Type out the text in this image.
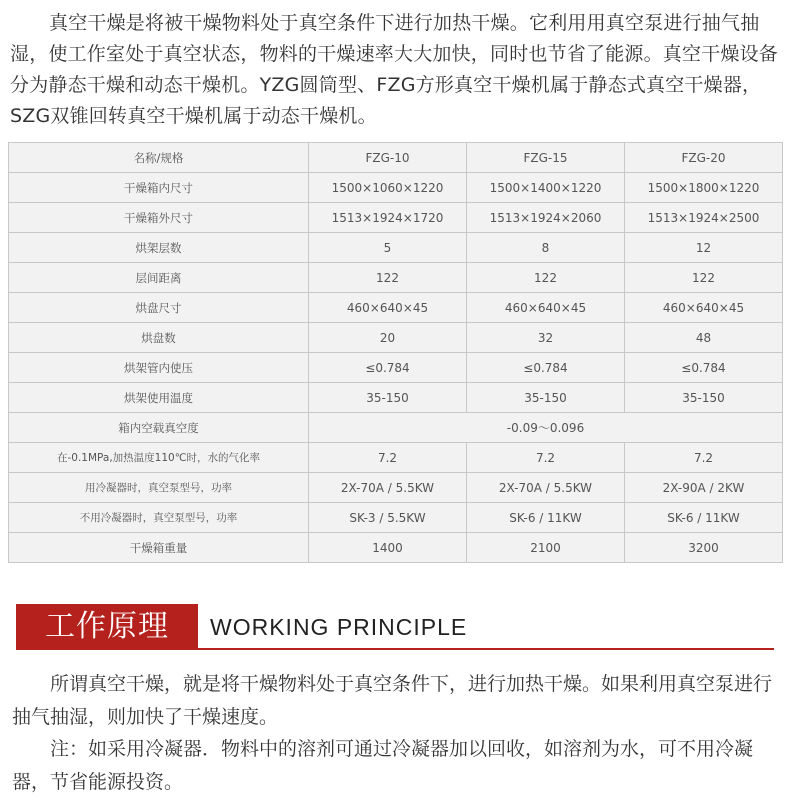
真空干燥是将被干燥物料处于真空条件下进行加热干燥。它利用用真空泵进行抽气抽湿，使工作室处于真空状态，物料的干燥速率大大加快，同时也节省了能源。真空干燥设备分为静态干燥和动态干燥机。YZG圆筒型、FZG方形真空干燥机属于静态式真空干燥器，SZG双锥回转真空干燥机属于动态干燥机。

名称/规格	FZG-10	FZG-15	FZG-20
干燥箱内尺寸	1500×1060×1220	1500×1400×1220	1500×1800×1220
干燥箱外尺寸	1513×1924×1720	1513×1924×2060	1513×1924×2500
烘架层数	5	8	12
层间距离	122	122	122
烘盘尺寸	460×640×45	460×640×45	460×640×45
烘盘数	20	32	48
烘架管内使压	≤0.784	≤0.784	≤0.784
烘架使用温度	35-150	35-150	35-150
箱内空载真空度	-0.09～0.096		
在-0.1MPa,加热温度110℃时，水的气化率	7.2	7.2	7.2
用冷凝器时，真空泵型号，功率	2X-70A / 5.5KW	2X-70A / 5.5KW	2X-90A / 2KW
不用冷凝器时，真空泵型号，功率	SK-3 / 5.5KW	SK-6 / 11KW	SK-6 / 11KW
干燥箱重量	1400	2100	3200
工作原理	WORKING PRINCIPLE

所谓真空干燥，就是将干燥物料处于真空条件下，进行加热干燥。如果利用真空泵进行抽气抽湿，则加快了干燥速度。

注：如采用冷凝器．物料中的溶剂可通过冷凝器加以回收，如溶剂为水，可不用冷凝器，节省能源投资。
